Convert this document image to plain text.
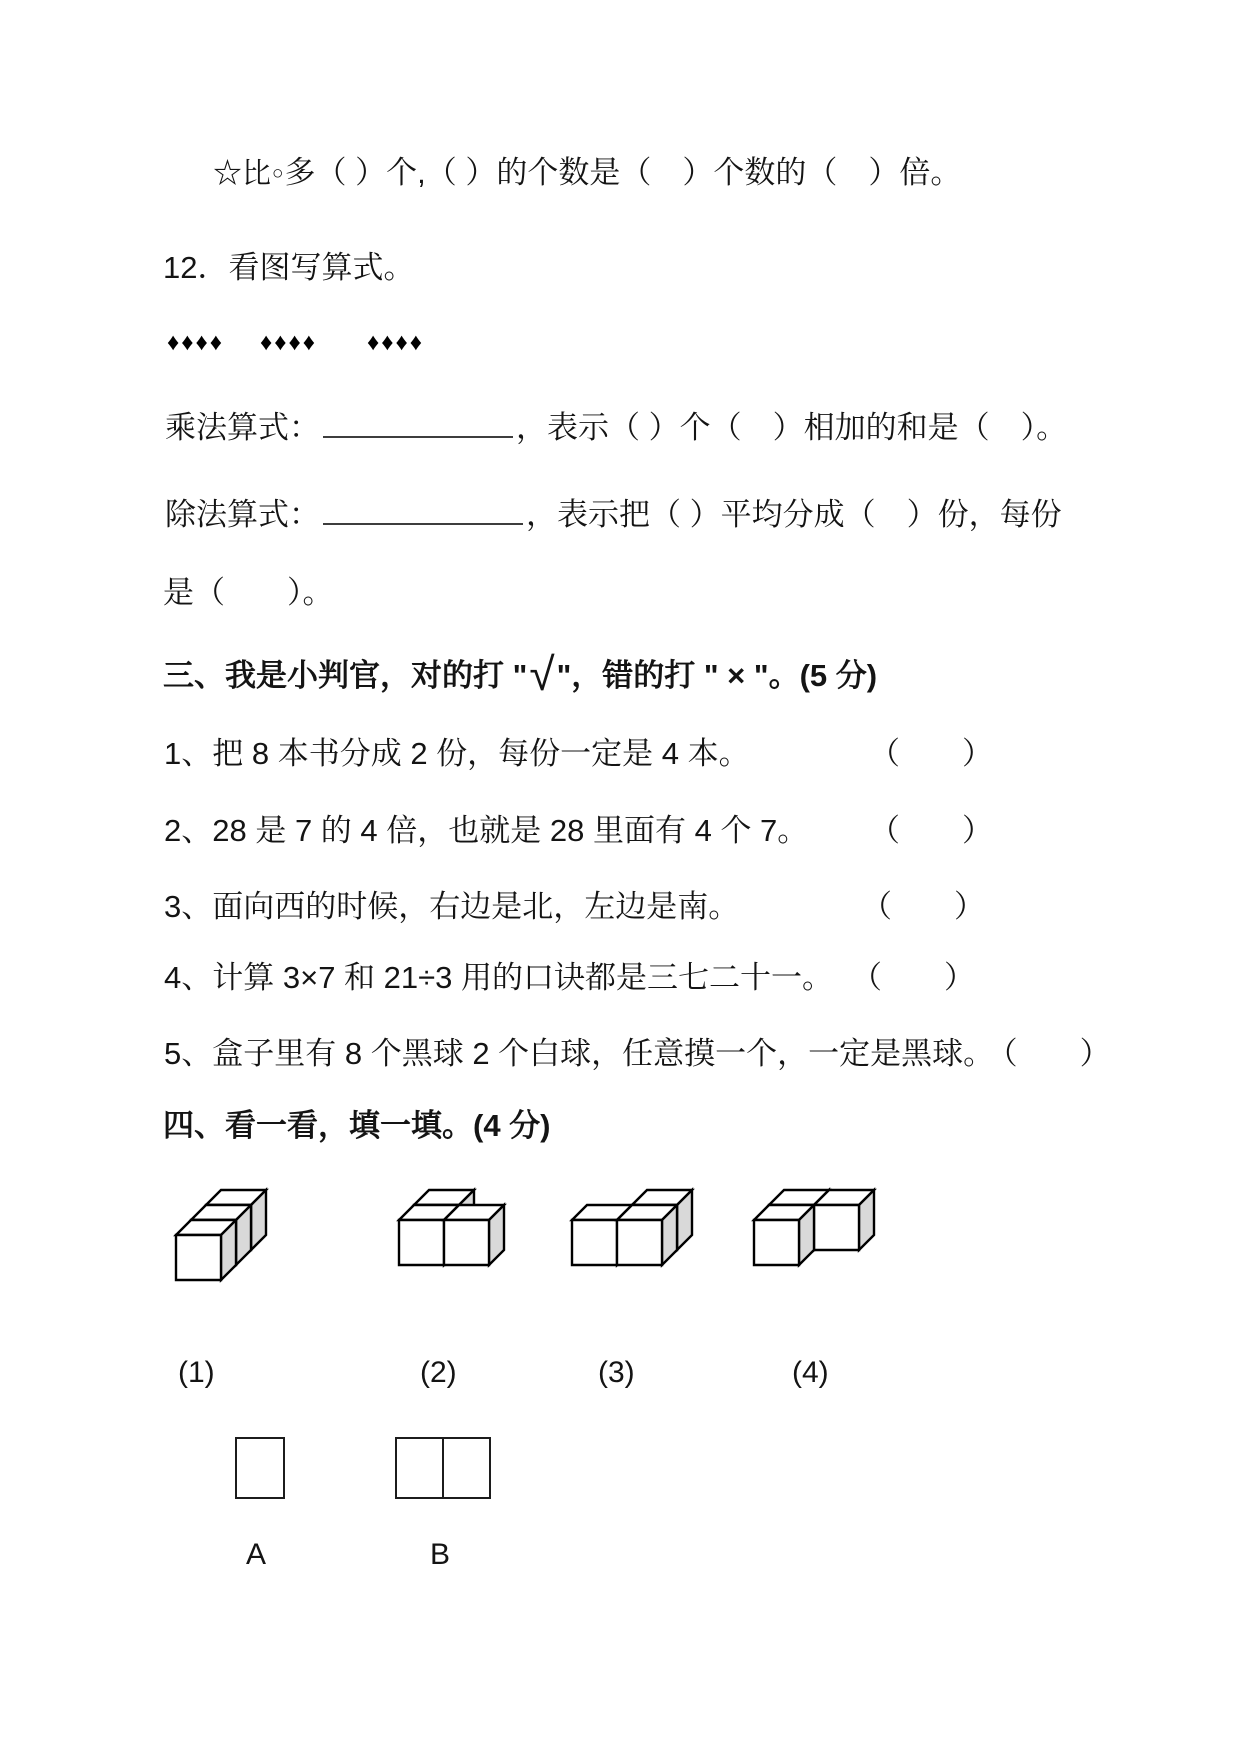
☆比○多（ ）个,（ ）的个数是（　）个数的（　）倍。
12．看图写算式。
♦♦♦♦ ♦♦♦♦ ♦♦♦♦
乘法算式：	，表示（ ）个（　）相加的和是（　）。
除法算式：	，表示把（ ）平均分成（　）份，每份
是（　　）。
三、我是小判官，对的打 "√"，错的打 " × "。(5 分)
1、把 8 本书分成 2 份，每份一定是 4 本。	（　　）
2、28 是 7 的 4 倍，也就是 28 里面有 4 个 7。 （　　）
3、面向西的时候，右边是北，左边是南。	（　　）
4、计算 3×7 和 21÷3 用的口诀都是三七二十一。 （　　）
5、盒子里有 8 个黑球 2 个白球，任意摸一个，一定是黑球。 （　　）
四、看一看，填一填。(4 分)
(1)	(2)	(3)	(4)
A	B
